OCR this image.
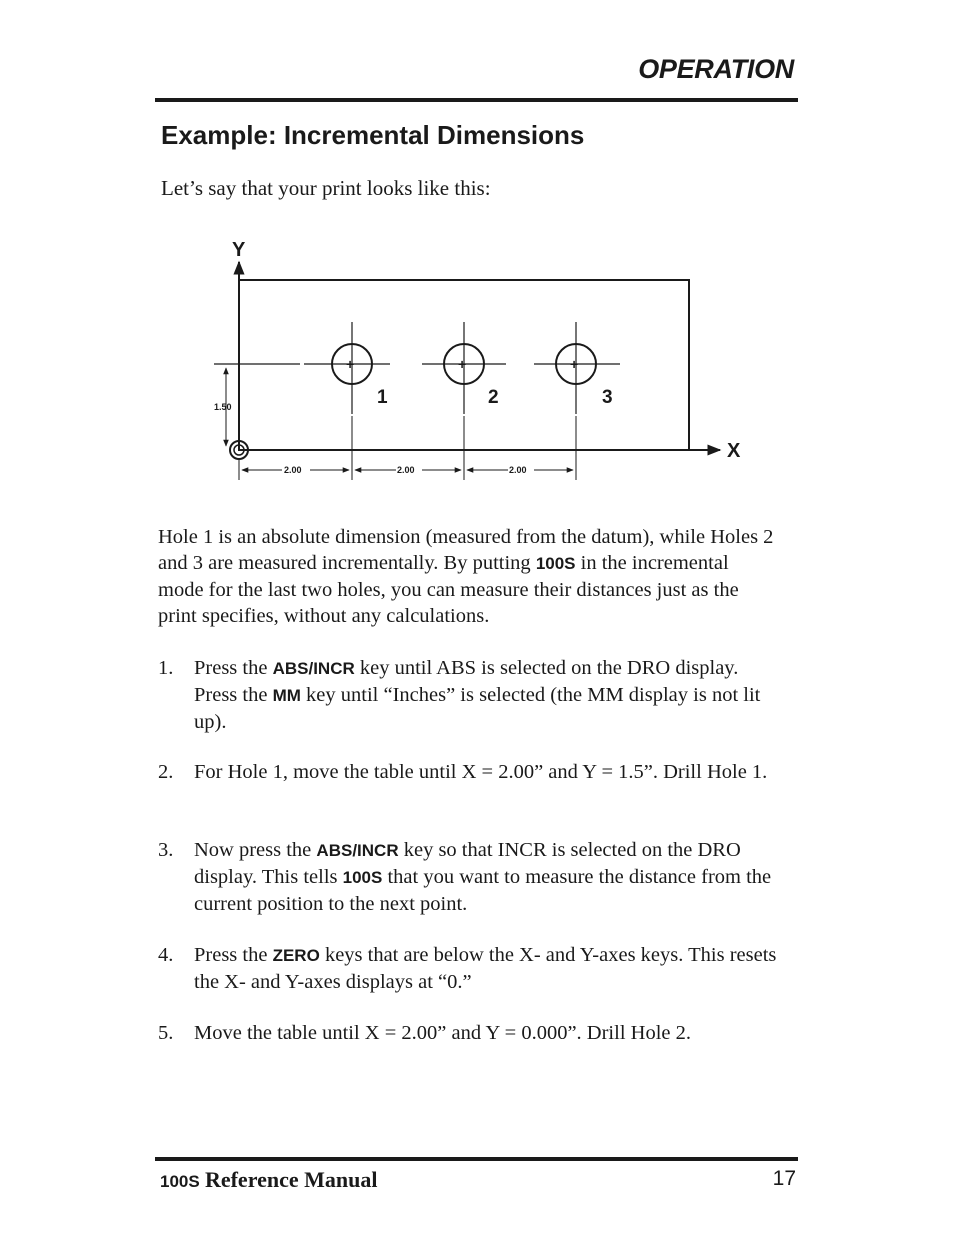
OPERATION
Example: Incremental Dimensions
Let’s say that your print looks like this:
Y
X
1.50
+
1
+
2
+
3
2.00	2.00	2.00

Hole 1 is an absolute dimension (measured from the datum), while Holes 2 and 3 are measured incrementally. By putting 100S in the incremental mode for the last two holes, you can measure their distances just as the print specifies, without any calculations.

1. Press the ABS/INCR key until ABS is selected on the DRO display. Press the MM key until “Inches” is selected (the MM display is not lit up).
2. For Hole 1, move the table until X = 2.00” and Y = 1.5”. Drill Hole 1.
3. Now press the ABS/INCR key so that INCR is selected on the DRO display. This tells 100S that you want to measure the distance from the current position to the next point.
4. Press the ZERO keys that are below the X- and Y-axes keys. This resets the X- and Y-axes displays at “0.”
5. Move the table until X = 2.00” and Y = 0.000”. Drill Hole 2.
100S Reference Manual	17
